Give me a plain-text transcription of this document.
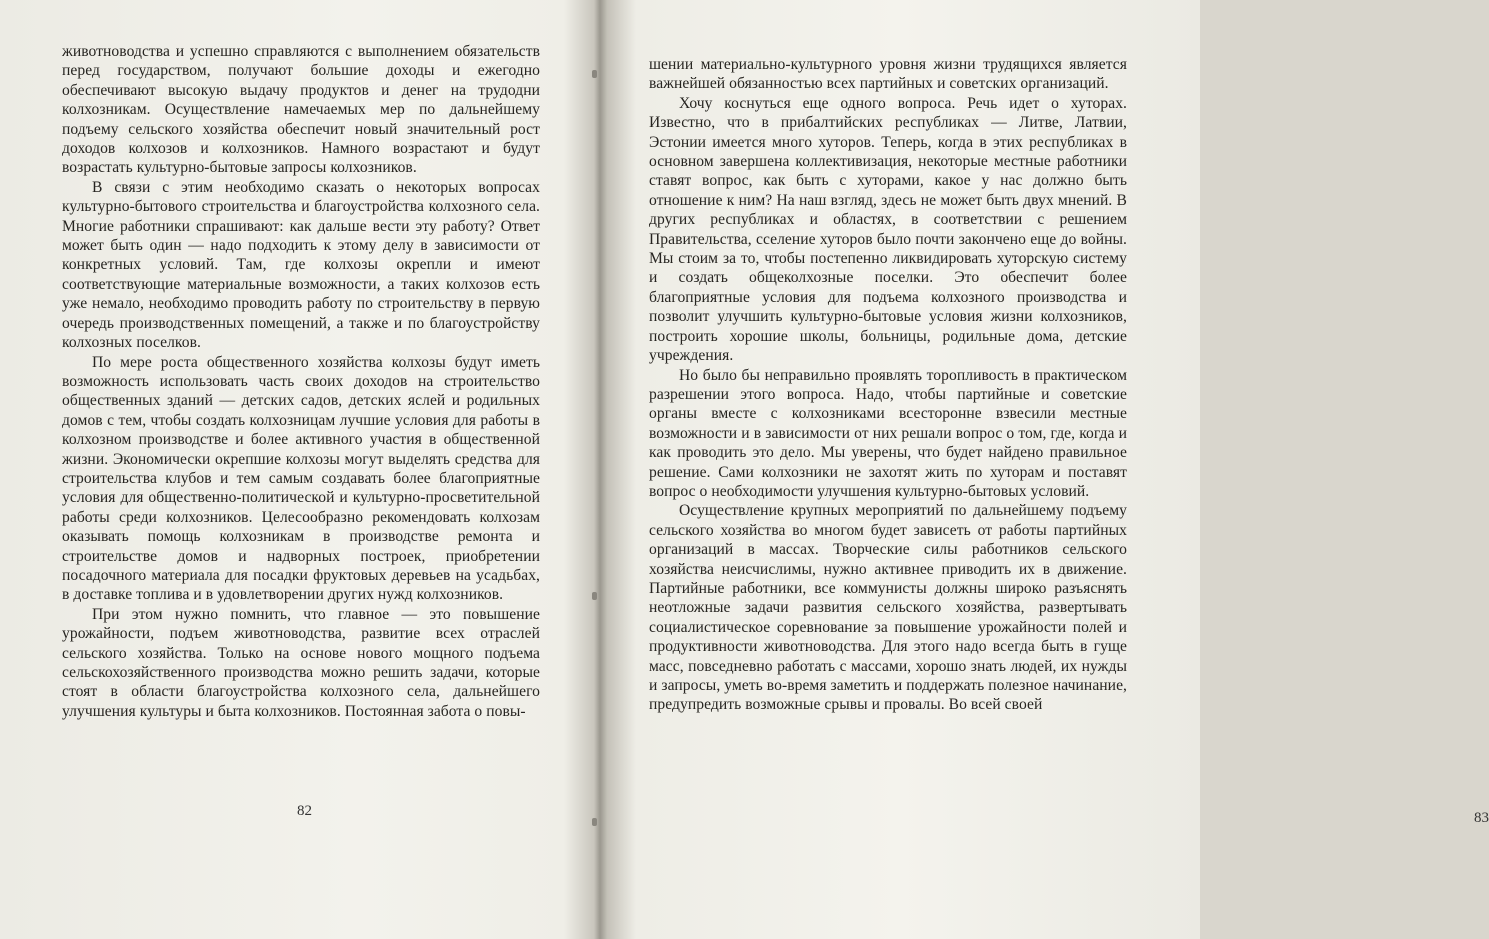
животноводства и успешно справляются с выполнением обязательств перед государством, получают большие доходы и ежегодно обеспечивают высокую выдачу продуктов и денег на трудодни колхозникам. Осуществление намечаемых мер по дальнейшему подъему сельского хозяйства обеспечит новый значительный рост доходов колхозов и колхозников. Намного возрастают и будут возрастать культурно-бытовые запросы колхозников.

В связи с этим необходимо сказать о некоторых вопросах культурно-бытового строительства и благоустройства колхозного села. Многие работники спрашивают: как дальше вести эту работу? Ответ может быть один — надо подходить к этому делу в зависимости от конкретных условий. Там, где колхозы окрепли и имеют соответствующие материальные возможности, а таких колхозов есть уже немало, необходимо проводить работу по строительству в первую очередь производственных помещений, а также и по благоустройству колхозных поселков.

По мере роста общественного хозяйства колхозы будут иметь возможность использовать часть своих доходов на строительство общественных зданий — детских садов, детских яслей и родильных домов с тем, чтобы создать колхозницам лучшие условия для работы в колхозном производстве и более активного участия в общественной жизни. Экономически окрепшие колхозы могут выделять средства для строительства клубов и тем самым создавать более благоприятные условия для общественно-политической и культурно-просветительной работы среди колхозников. Целесообразно рекомендовать колхозам оказывать помощь колхозникам в производстве ремонта и строительстве домов и надворных построек, приобретении посадочного материала для посадки фруктовых деревьев на усадьбах, в доставке топлива и в удовлетворении других нужд колхозников.

При этом нужно помнить, что главное — это повышение урожайности, подъем животноводства, развитие всех отраслей сельского хозяйства. Только на основе нового мощного подъема сельскохозяйственного производства можно решить задачи, которые стоят в области благоустройства колхозного села, дальнейшего улучшения культуры и быта колхозников. Постоянная забота о повы-

82	83

шении материально-культурного уровня жизни трудящихся является важнейшей обязанностью всех партийных и советских организаций.

Хочу коснуться еще одного вопроса. Речь идет о хуторах. Известно, что в прибалтийских республиках — Литве, Латвии, Эстонии имеется много хуторов. Теперь, когда в этих республиках в основном завершена коллективизация, некоторые местные работники ставят вопрос, как быть с хуторами, какое у нас должно быть отношение к ним? На наш взгляд, здесь не может быть двух мнений. В других республиках и областях, в соответствии с решением Правительства, сселение хуторов было почти закончено еще до войны. Мы стоим за то, чтобы постепенно ликвидировать хуторскую систему и создать общеколхозные поселки. Это обеспечит более благоприятные условия для подъема колхозного производства и позволит улучшить культурно-бытовые условия жизни колхозников, построить хорошие школы, больницы, родильные дома, детские учреждения.

Но было бы неправильно проявлять торопливость в практическом разрешении этого вопроса. Надо, чтобы партийные и советские органы вместе с колхозниками всесторонне взвесили местные возможности и в зависимости от них решали вопрос о том, где, когда и как проводить это дело. Мы уверены, что будет найдено правильное решение. Сами колхозники не захотят жить по хуторам и поставят вопрос о необходимости улучшения культурно-бытовых условий.

Осуществление крупных мероприятий по дальнейшему подъему сельского хозяйства во многом будет зависеть от работы партийных организаций в массах. Творческие силы работников сельского хозяйства неисчислимы, нужно активнее приводить их в движение. Партийные работники, все коммунисты должны широко разъяснять неотложные задачи развития сельского хозяйства, развертывать социалистическое соревнование за повышение урожайности полей и продуктивности животноводства. Для этого надо всегда быть в гуще масс, повседневно работать с массами, хорошо знать людей, их нужды и запросы, уметь во-время заметить и поддержать полезное начинание, предупредить возможные срывы и провалы. Во всей своей
